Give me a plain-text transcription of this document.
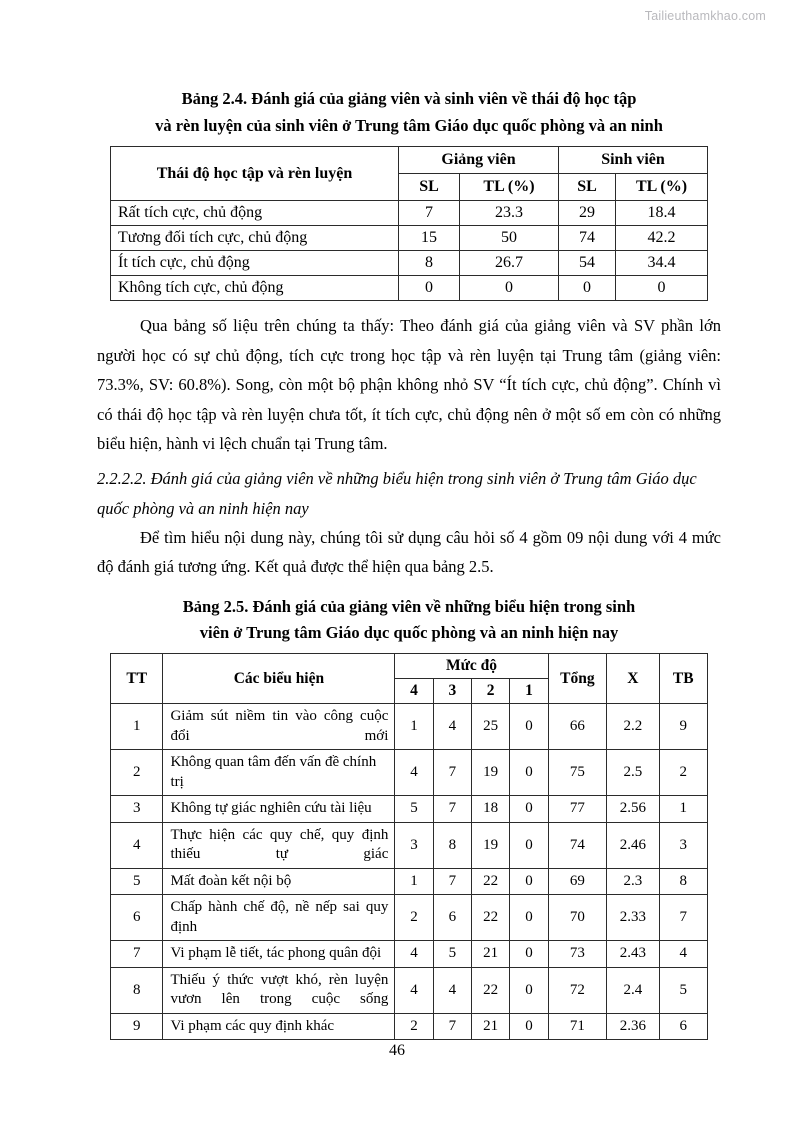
Tailieuthamkhao.com
Bảng 2.4. Đánh giá của giảng viên và sinh viên về thái độ học tập
và rèn luyện của sinh viên ở Trung tâm Giáo dục quốc phòng và an ninh
Thái độ học tập và rèn luyện	Giảng viên		Sinh viên	
	SL	TL (%)	SL	TL (%)
Rất tích cực, chủ động	7	23.3	29	18.4
Tương đối tích cực, chủ động	15	50	74	42.2
Ít tích cực, chủ động	8	26.7	54	34.4
Không tích cực, chủ động	0	0	0	0

Qua bảng số liệu trên chúng ta thấy: Theo đánh giá của giảng viên và SV phần lớn người học có sự chủ động, tích cực trong học tập và rèn luyện tại Trung tâm (giảng viên: 73.3%, SV: 60.8%). Song, còn một bộ phận không nhỏ SV “Ít tích cực, chủ động”. Chính vì có thái độ học tập và rèn luyện chưa tốt, ít tích cực, chủ động nên ở một số em còn có những biểu hiện, hành vi lệch chuẩn tại Trung tâm.

2.2.2.2. Đánh giá của giảng viên về những biểu hiện trong sinh viên ở Trung tâm Giáo dục quốc phòng và an ninh hiện nay

Để tìm hiểu nội dung này, chúng tôi sử dụng câu hỏi số 4 gồm 09 nội dung với 4 mức độ đánh giá tương ứng. Kết quả được thể hiện qua bảng 2.5.

Bảng 2.5. Đánh giá của giảng viên về những biểu hiện trong sinh
viên ở Trung tâm Giáo dục quốc phòng và an ninh hiện nay
TT	Các biểu hiện	Mức độ				Tổng	X	TB
		4	3	2	1			
1	Giảm sút niềm tin vào công cuộc đổi mới	1	4	25	0	66	2.2	9
2	Không quan tâm đến vấn đề chính trị	4	7	19	0	75	2.5	2
3	Không tự giác nghiên cứu tài liệu	5	7	18	0	77	2.56	1
4	Thực hiện các quy chế, quy định thiếu tự giác	3	8	19	0	74	2.46	3
5	Mất đoàn kết nội bộ	1	7	22	0	69	2.3	8
6	Chấp hành chế độ, nề nếp sai quy định	2	6	22	0	70	2.33	7
7	Vi phạm lễ tiết, tác phong quân đội	4	5	21	0	73	2.43	4
8	Thiếu ý thức vượt khó, rèn luyện vươn lên trong cuộc sống	4	4	22	0	72	2.4	5
9	Vi phạm các quy định khác	2	7	21	0	71	2.36	6
46
